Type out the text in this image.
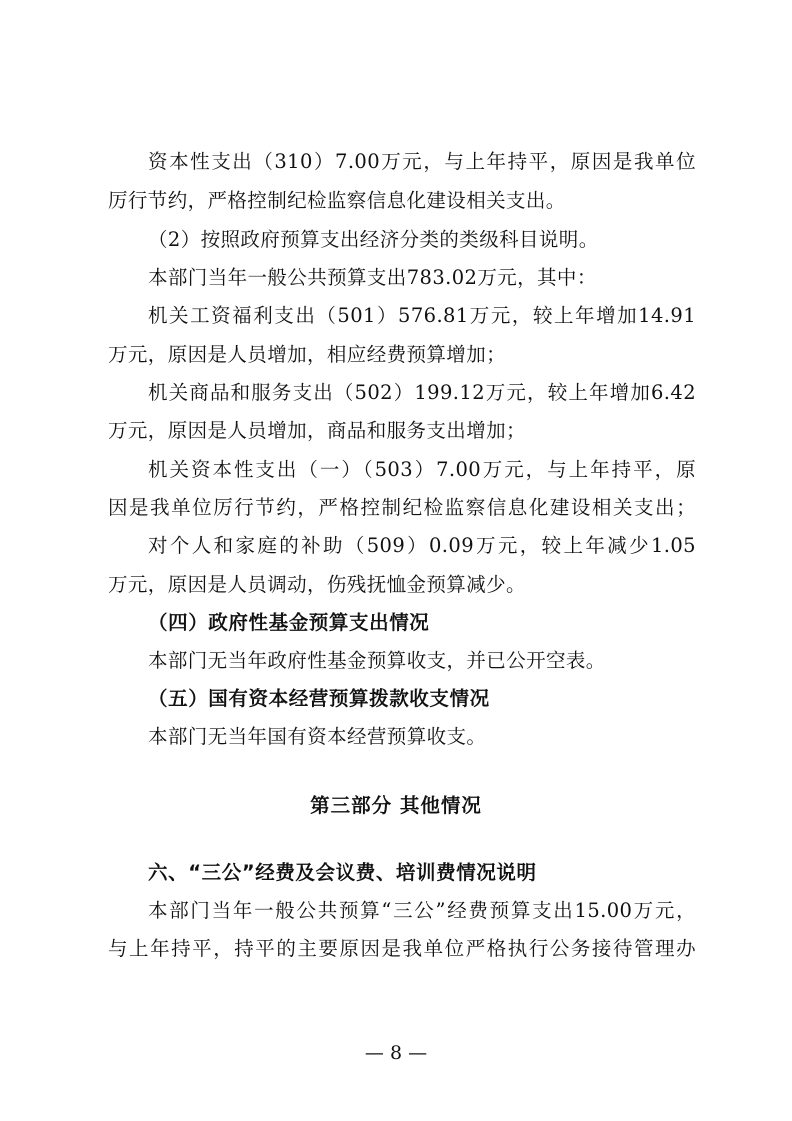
资本性支出（310）7.00万元，与上年持平，原因是我单位
厉行节约，严格控制纪检监察信息化建设相关支出。
（2）按照政府预算支出经济分类的类级科目说明。
本部门当年一般公共预算支出783.02万元，其中：
机关工资福利支出（501）576.81万元，较上年增加14.91
万元，原因是人员增加，相应经费预算增加；
机关商品和服务支出（502）199.12万元，较上年增加6.42
万元，原因是人员增加，商品和服务支出增加；
机关资本性支出（一）（503）7.00万元，与上年持平，原
因是我单位厉行节约，严格控制纪检监察信息化建设相关支出；
对个人和家庭的补助（509）0.09万元，较上年减少1.05
万元，原因是人员调动，伤残抚恤金预算减少。
（四）政府性基金预算支出情况
本部门无当年政府性基金预算收支，并已公开空表。
（五）国有资本经营预算拨款收支情况
本部门无当年国有资本经营预算收支。
第三部分 其他情况
六、“三公”经费及会议费、培训费情况说明
本部门当年一般公共预算“三公”经费预算支出15.00万元，
与上年持平，持平的主要原因是我单位严格执行公务接待管理办
— 8 —
